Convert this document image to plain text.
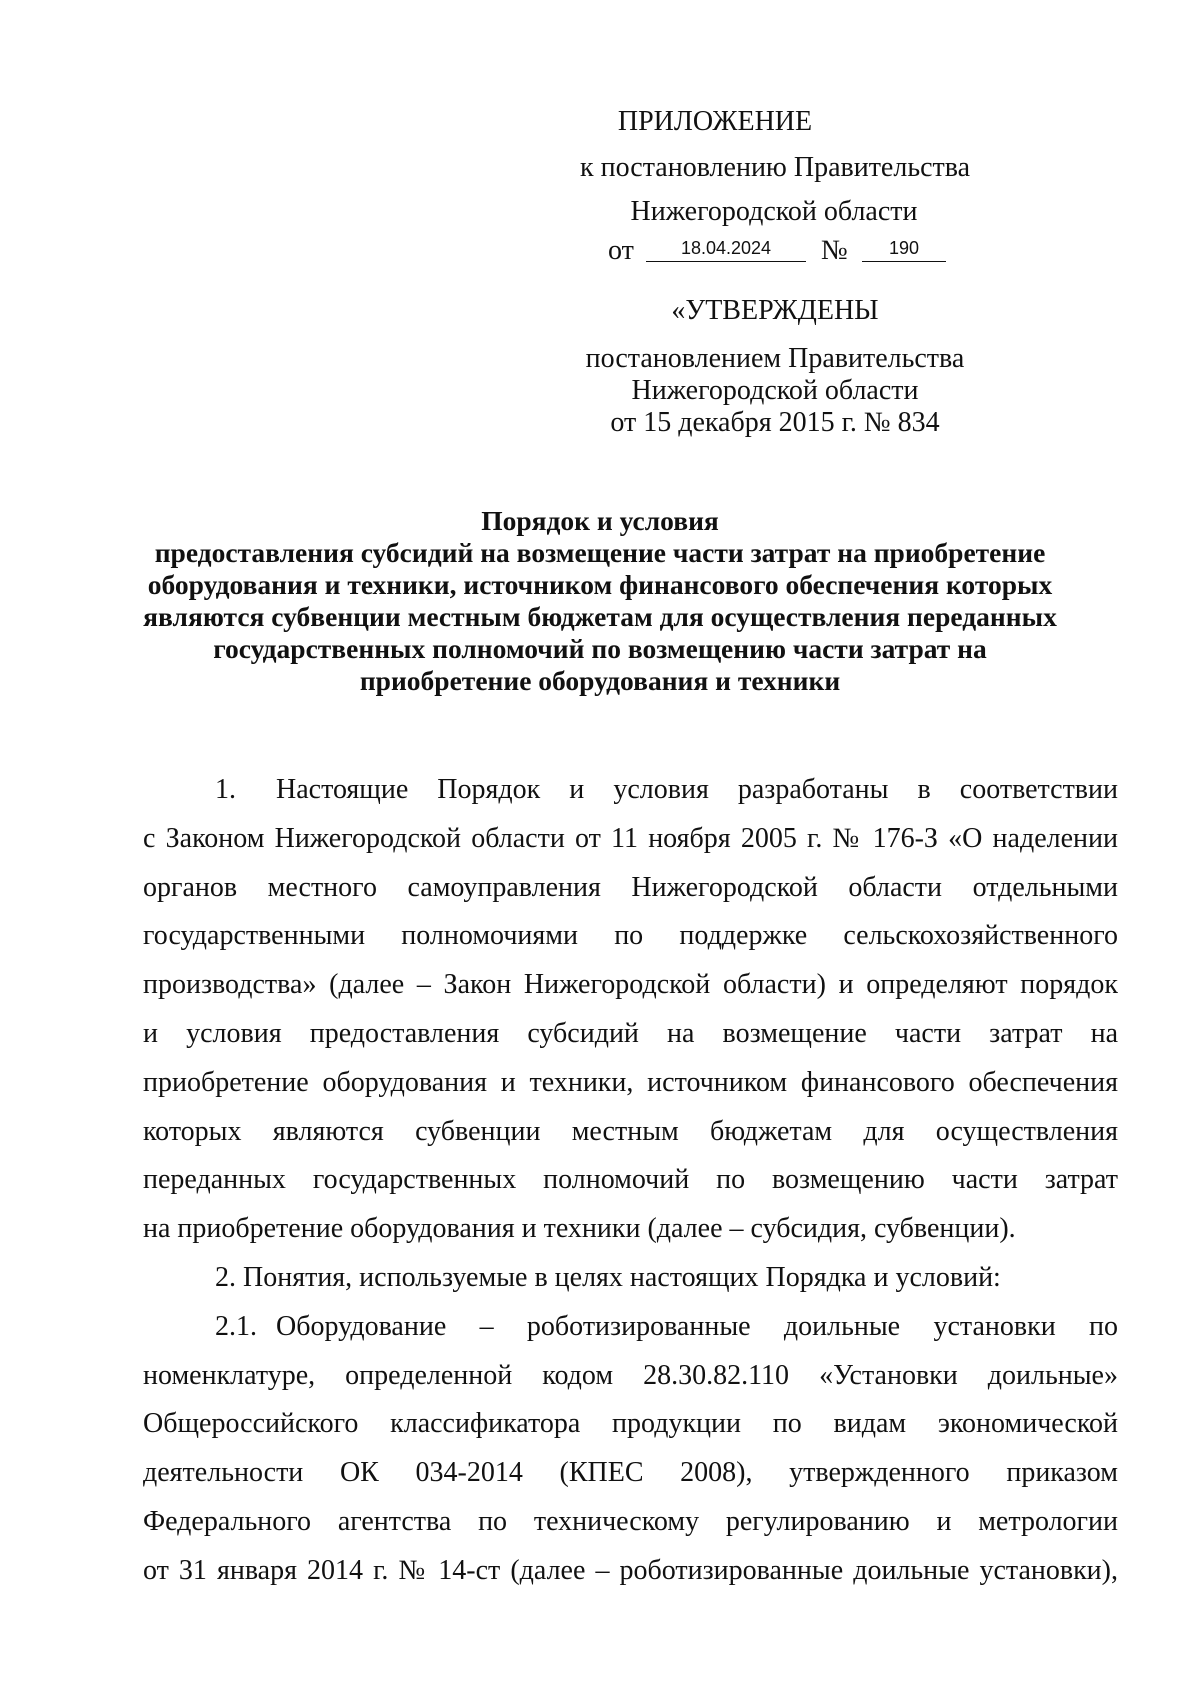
ПРИЛОЖЕНИЕ
к постановлению Правительства
Нижегородской области
от	18.04.2024	№	190
«УТВЕРЖДЕНЫ
постановлением Правительства
Нижегородской области
от 15 декабря 2015 г. № 834
Порядок и условия
предоставления субсидий на возмещение части затрат на приобретение
оборудования и техники, источником финансового обеспечения которых
являются субвенции местным бюджетам для осуществления переданных
государственных полномочий по возмещению части затрат на
приобретение оборудования и техники
1.	Настоящие Порядок и условия разработаны в соответствии
с Законом Нижегородской области от 11 ноября 2005 г. № 176-З «О наделении
органов местного самоуправления Нижегородской области отдельными
государственными полномочиями по поддержке сельскохозяйственного
производства» (далее – Закон Нижегородской области) и определяют порядок
и условия предоставления субсидий на возмещение части затрат на
приобретение оборудования и техники, источником финансового обеспечения
которых являются субвенции местным бюджетам для осуществления
переданных государственных полномочий по возмещению части затрат
на приобретение оборудования и техники (далее – субсидия, субвенции).
2. Понятия, используемые в целях настоящих Порядка и условий:
2.1. Оборудование – роботизированные доильные установки по
номенклатуре, определенной кодом 28.30.82.110 «Установки доильные»
Общероссийского классификатора продукции по видам экономической
деятельности ОК 034-2014 (КПЕС 2008), утвержденного приказом
Федерального агентства по техническому регулированию и метрологии
от 31 января 2014 г. № 14-ст (далее – роботизированные доильные установки),
